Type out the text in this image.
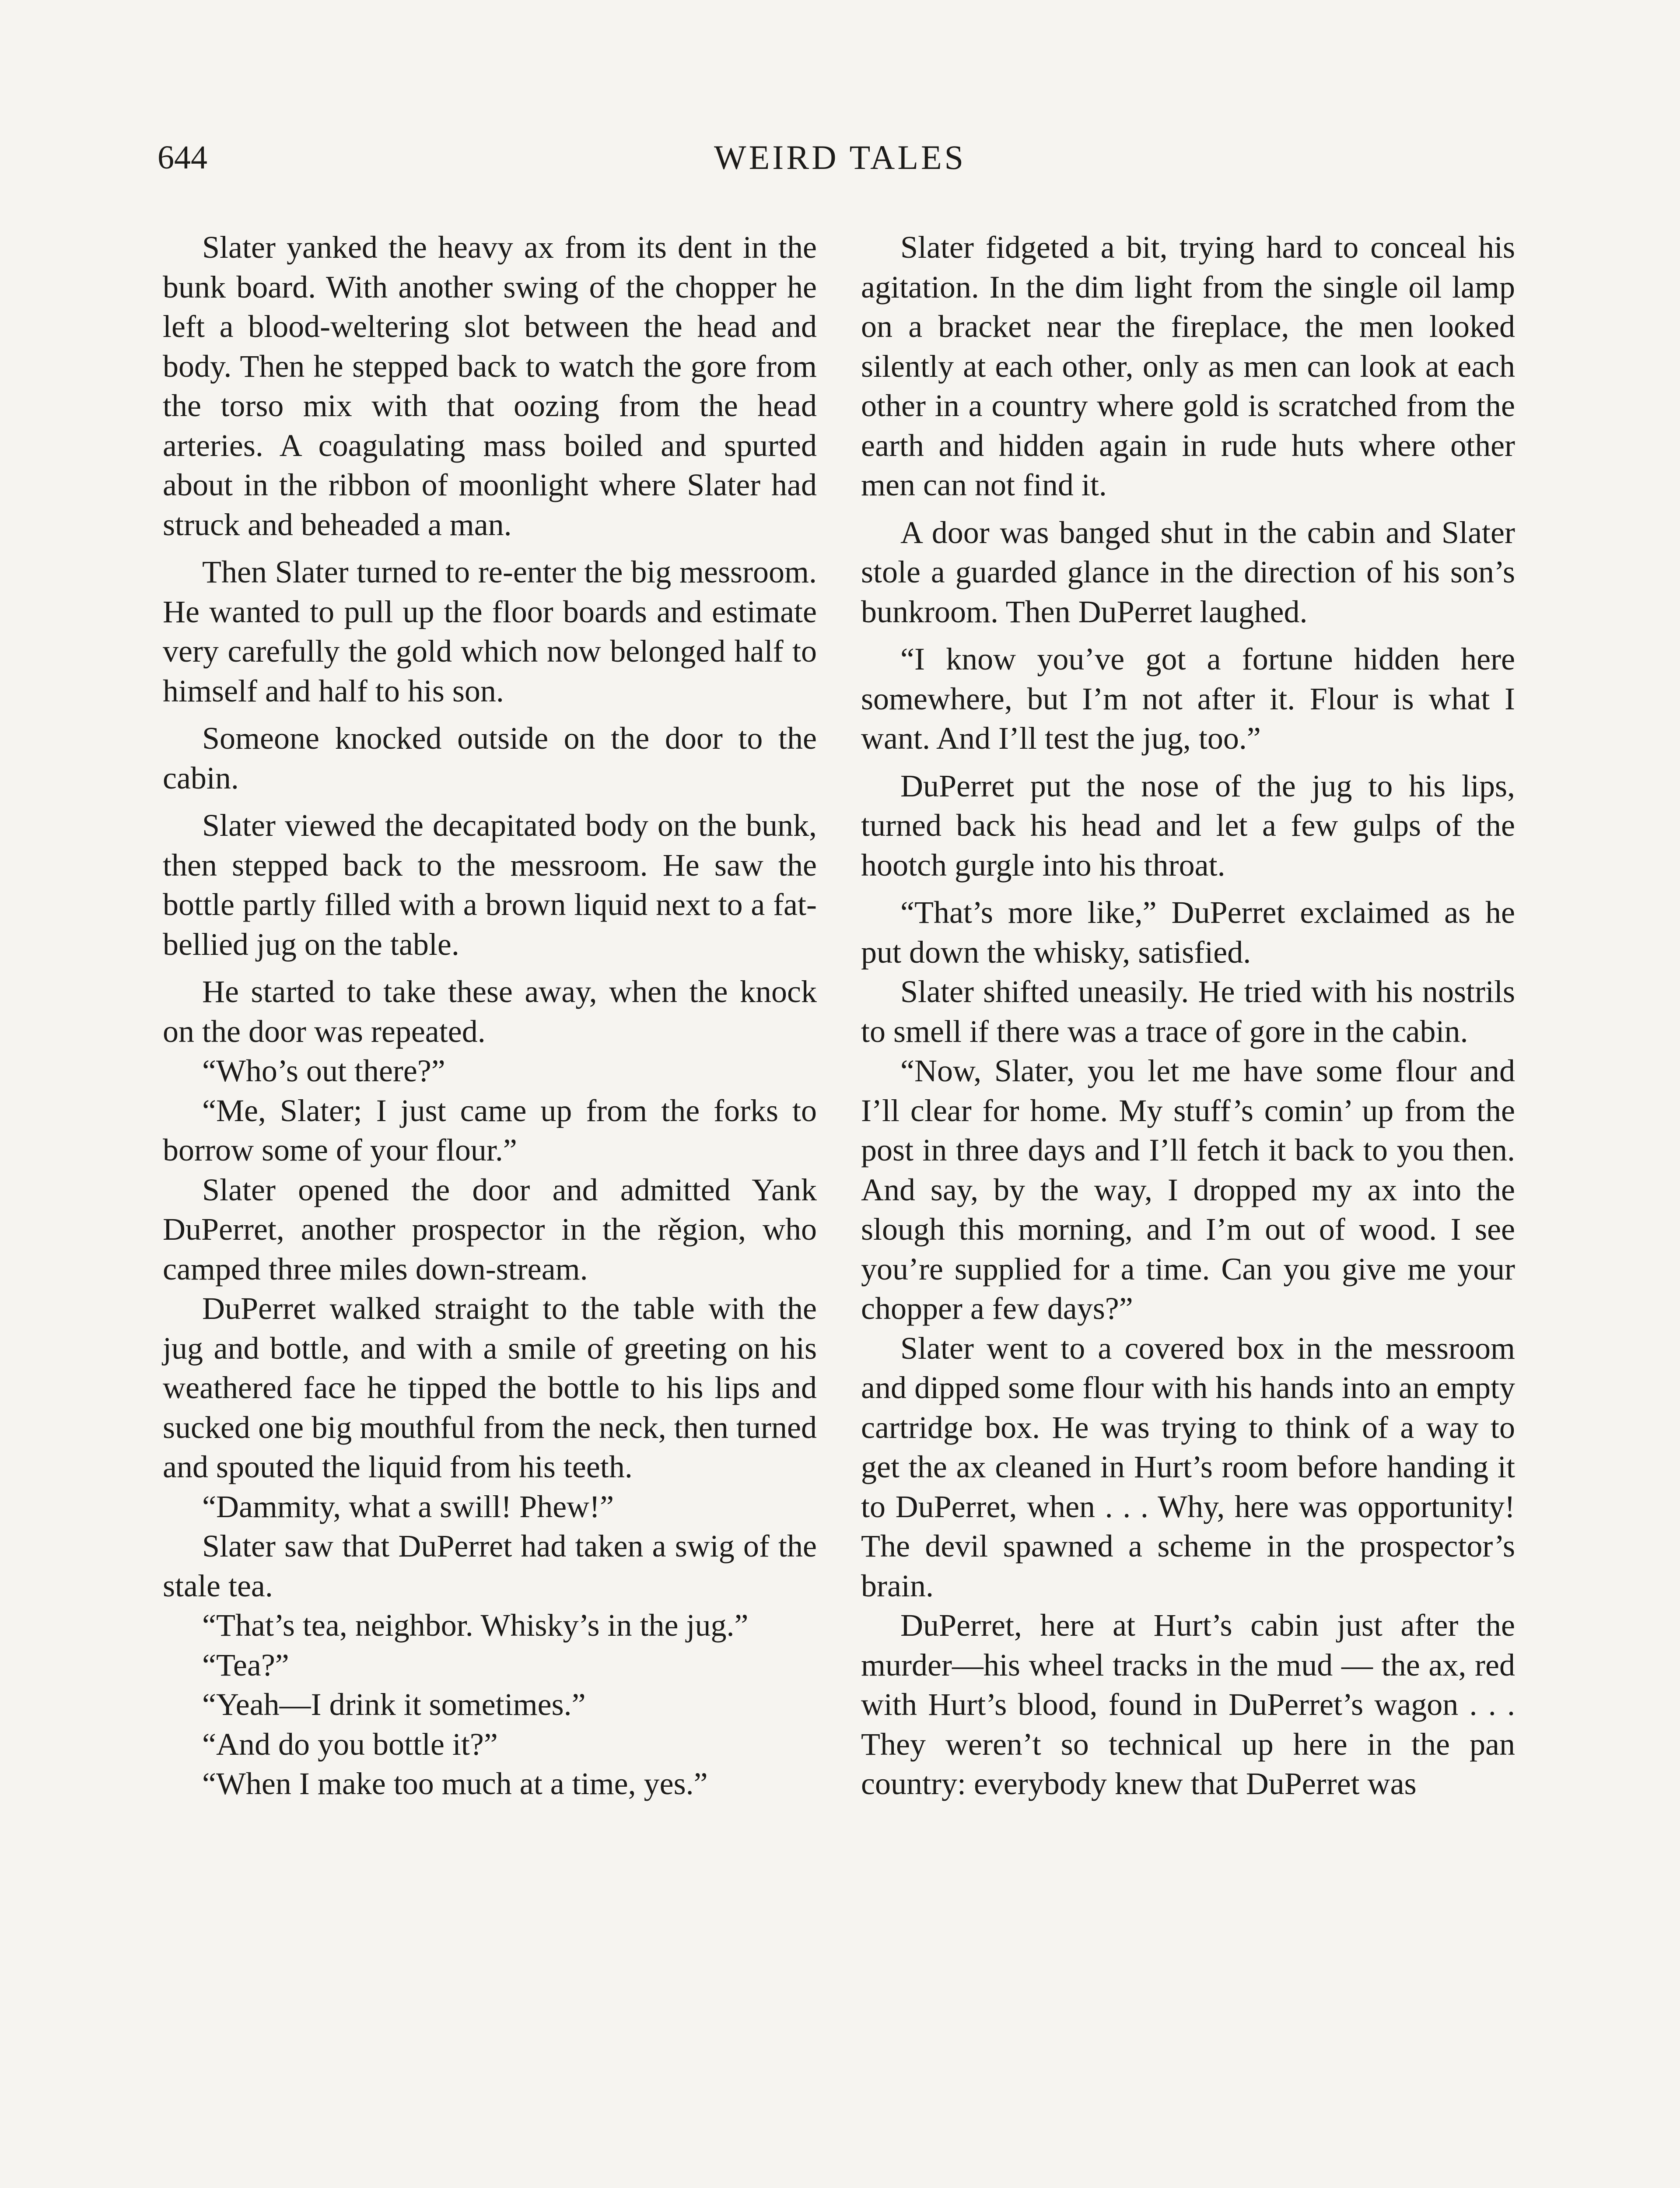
644	WEIRD TALES

Slater yanked the heavy ax from its dent in the bunk board. With another swing of the chopper he left a blood-weltering slot between the head and body. Then he stepped back to watch the gore from the torso mix with that oozing from the head arteries. A coagulating mass boiled and spurted about in the ribbon of moonlight where Slater had struck and beheaded a man.

Then Slater turned to re-enter the big messroom. He wanted to pull up the floor boards and estimate very carefully the gold which now belonged half to himself and half to his son.

Someone knocked outside on the door to the cabin.

Slater viewed the decapitated body on the bunk, then stepped back to the messroom. He saw the bottle partly filled with a brown liquid next to a fat-bellied jug on the table.

He started to take these away, when the knock on the door was repeated.

“Who’s out there?”

“Me, Slater; I just came up from the forks to borrow some of your flour.”

Slater opened the door and admitted Yank DuPerret, another prospector in the rěgion, who camped three miles down-stream.

DuPerret walked straight to the table with the jug and bottle, and with a smile of greeting on his weathered face he tipped the bottle to his lips and sucked one big mouthful from the neck, then turned and spouted the liquid from his teeth.

“Dammity, what a swill! Phew!”

Slater saw that DuPerret had taken a swig of the stale tea.

“That’s tea, neighbor. Whisky’s in the jug.”

“Tea?”

“Yeah—I drink it sometimes.”

“And do you bottle it?”

“When I make too much at a time, yes.”

Slater fidgeted a bit, trying hard to conceal his agitation. In the dim light from the single oil lamp on a bracket near the fireplace, the men looked silently at each other, only as men can look at each other in a country where gold is scratched from the earth and hidden again in rude huts where other men can not find it.

A door was banged shut in the cabin and Slater stole a guarded glance in the direction of his son’s bunkroom. Then DuPerret laughed.

“I know you’ve got a fortune hidden here somewhere, but I’m not after it. Flour is what I want. And I’ll test the jug, too.”

DuPerret put the nose of the jug to his lips, turned back his head and let a few gulps of the hootch gurgle into his throat.

“That’s more like,” DuPerret exclaimed as he put down the whisky, satisfied.

Slater shifted uneasily. He tried with his nostrils to smell if there was a trace of gore in the cabin.

“Now, Slater, you let me have some flour and I’ll clear for home. My stuff’s comin’ up from the post in three days and I’ll fetch it back to you then. And say, by the way, I dropped my ax into the slough this morning, and I’m out of wood. I see you’re supplied for a time. Can you give me your chopper a few days?”

Slater went to a covered box in the messroom and dipped some flour with his hands into an empty cartridge box. He was trying to think of a way to get the ax cleaned in Hurt’s room before handing it to DuPerret, when . . . Why, here was opportunity! The devil spawned a scheme in the prospector’s brain.

DuPerret, here at Hurt’s cabin just after the murder—his wheel tracks in the mud — the ax, red with Hurt’s blood, found in DuPerret’s wagon . . . They weren’t so technical up here in the pan country: everybody knew that DuPerret was
